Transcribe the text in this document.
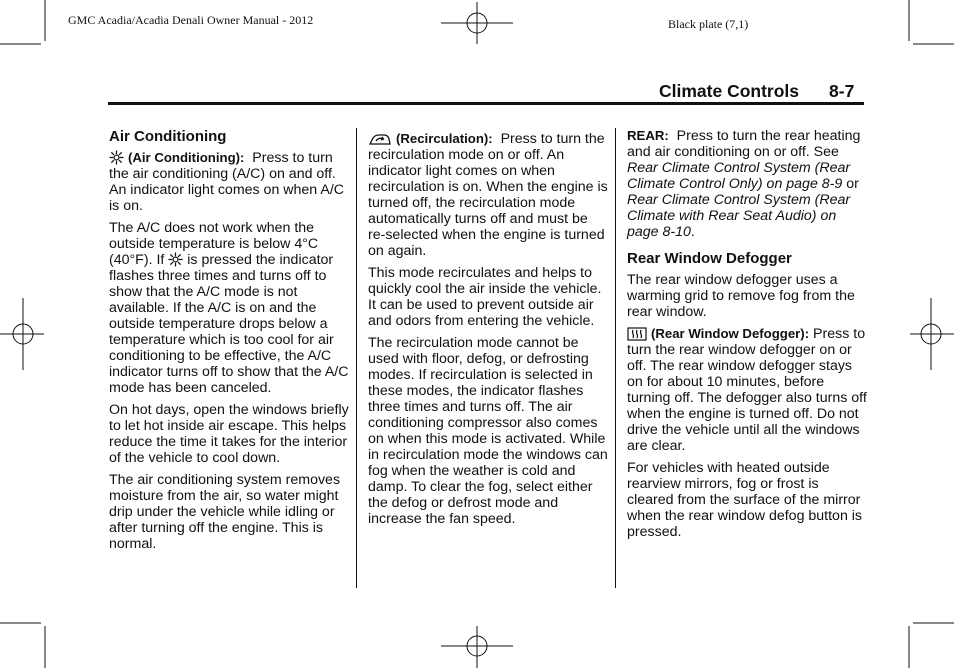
GMC Acadia/Acadia Denali Owner Manual - 2012	Black plate (7,1)
Climate Controls 8-7
Air Conditioning

(Air Conditioning): Press to turn the air conditioning (A/C) on and off. An indicator light comes on when A/C is on.

The A/C does not work when the outside temperature is below 4°C (40°F). If is pressed the indicator flashes three times and turns off to show that the A/C mode is not available. If the A/C is on and the outside temperature drops below a temperature which is too cool for air conditioning to be effective, the A/C indicator turns off to show that the A/C mode has been canceled.

On hot days, open the windows briefly to let hot inside air escape. This helps reduce the time it takes for the interior of the vehicle to cool down.

The air conditioning system removes moisture from the air, so water might drip under the vehicle while idling or after turning off the engine. This is normal.

(Recirculation): Press to turn the recirculation mode on or off. An indicator light comes on when recirculation is on. When the engine is turned off, the recirculation mode automatically turns off and must be re-selected when the engine is turned on again.

This mode recirculates and helps to quickly cool the air inside the vehicle. It can be used to prevent outside air and odors from entering the vehicle.

The recirculation mode cannot be used with floor, defog, or defrosting modes. If recirculation is selected in these modes, the indicator flashes three times and turns off. The air conditioning compressor also comes on when this mode is activated. While in recirculation mode the windows can fog when the weather is cold and damp. To clear the fog, select either the defog or defrost mode and increase the fan speed.

REAR: Press to turn the rear heating and air conditioning on or off. See Rear Climate Control System (Rear Climate Control Only) on page 8-9 or Rear Climate Control System (Rear Climate with Rear Seat Audio) on page 8-10.

Rear Window Defogger

The rear window defogger uses a warming grid to remove fog from the rear window.

(Rear Window Defogger): Press to turn the rear window defogger on or off. The rear window defogger stays on for about 10 minutes, before turning off. The defogger also turns off when the engine is turned off. Do not drive the vehicle until all the windows are clear.

For vehicles with heated outside rearview mirrors, fog or frost is cleared from the surface of the mirror when the rear window defog button is pressed.
